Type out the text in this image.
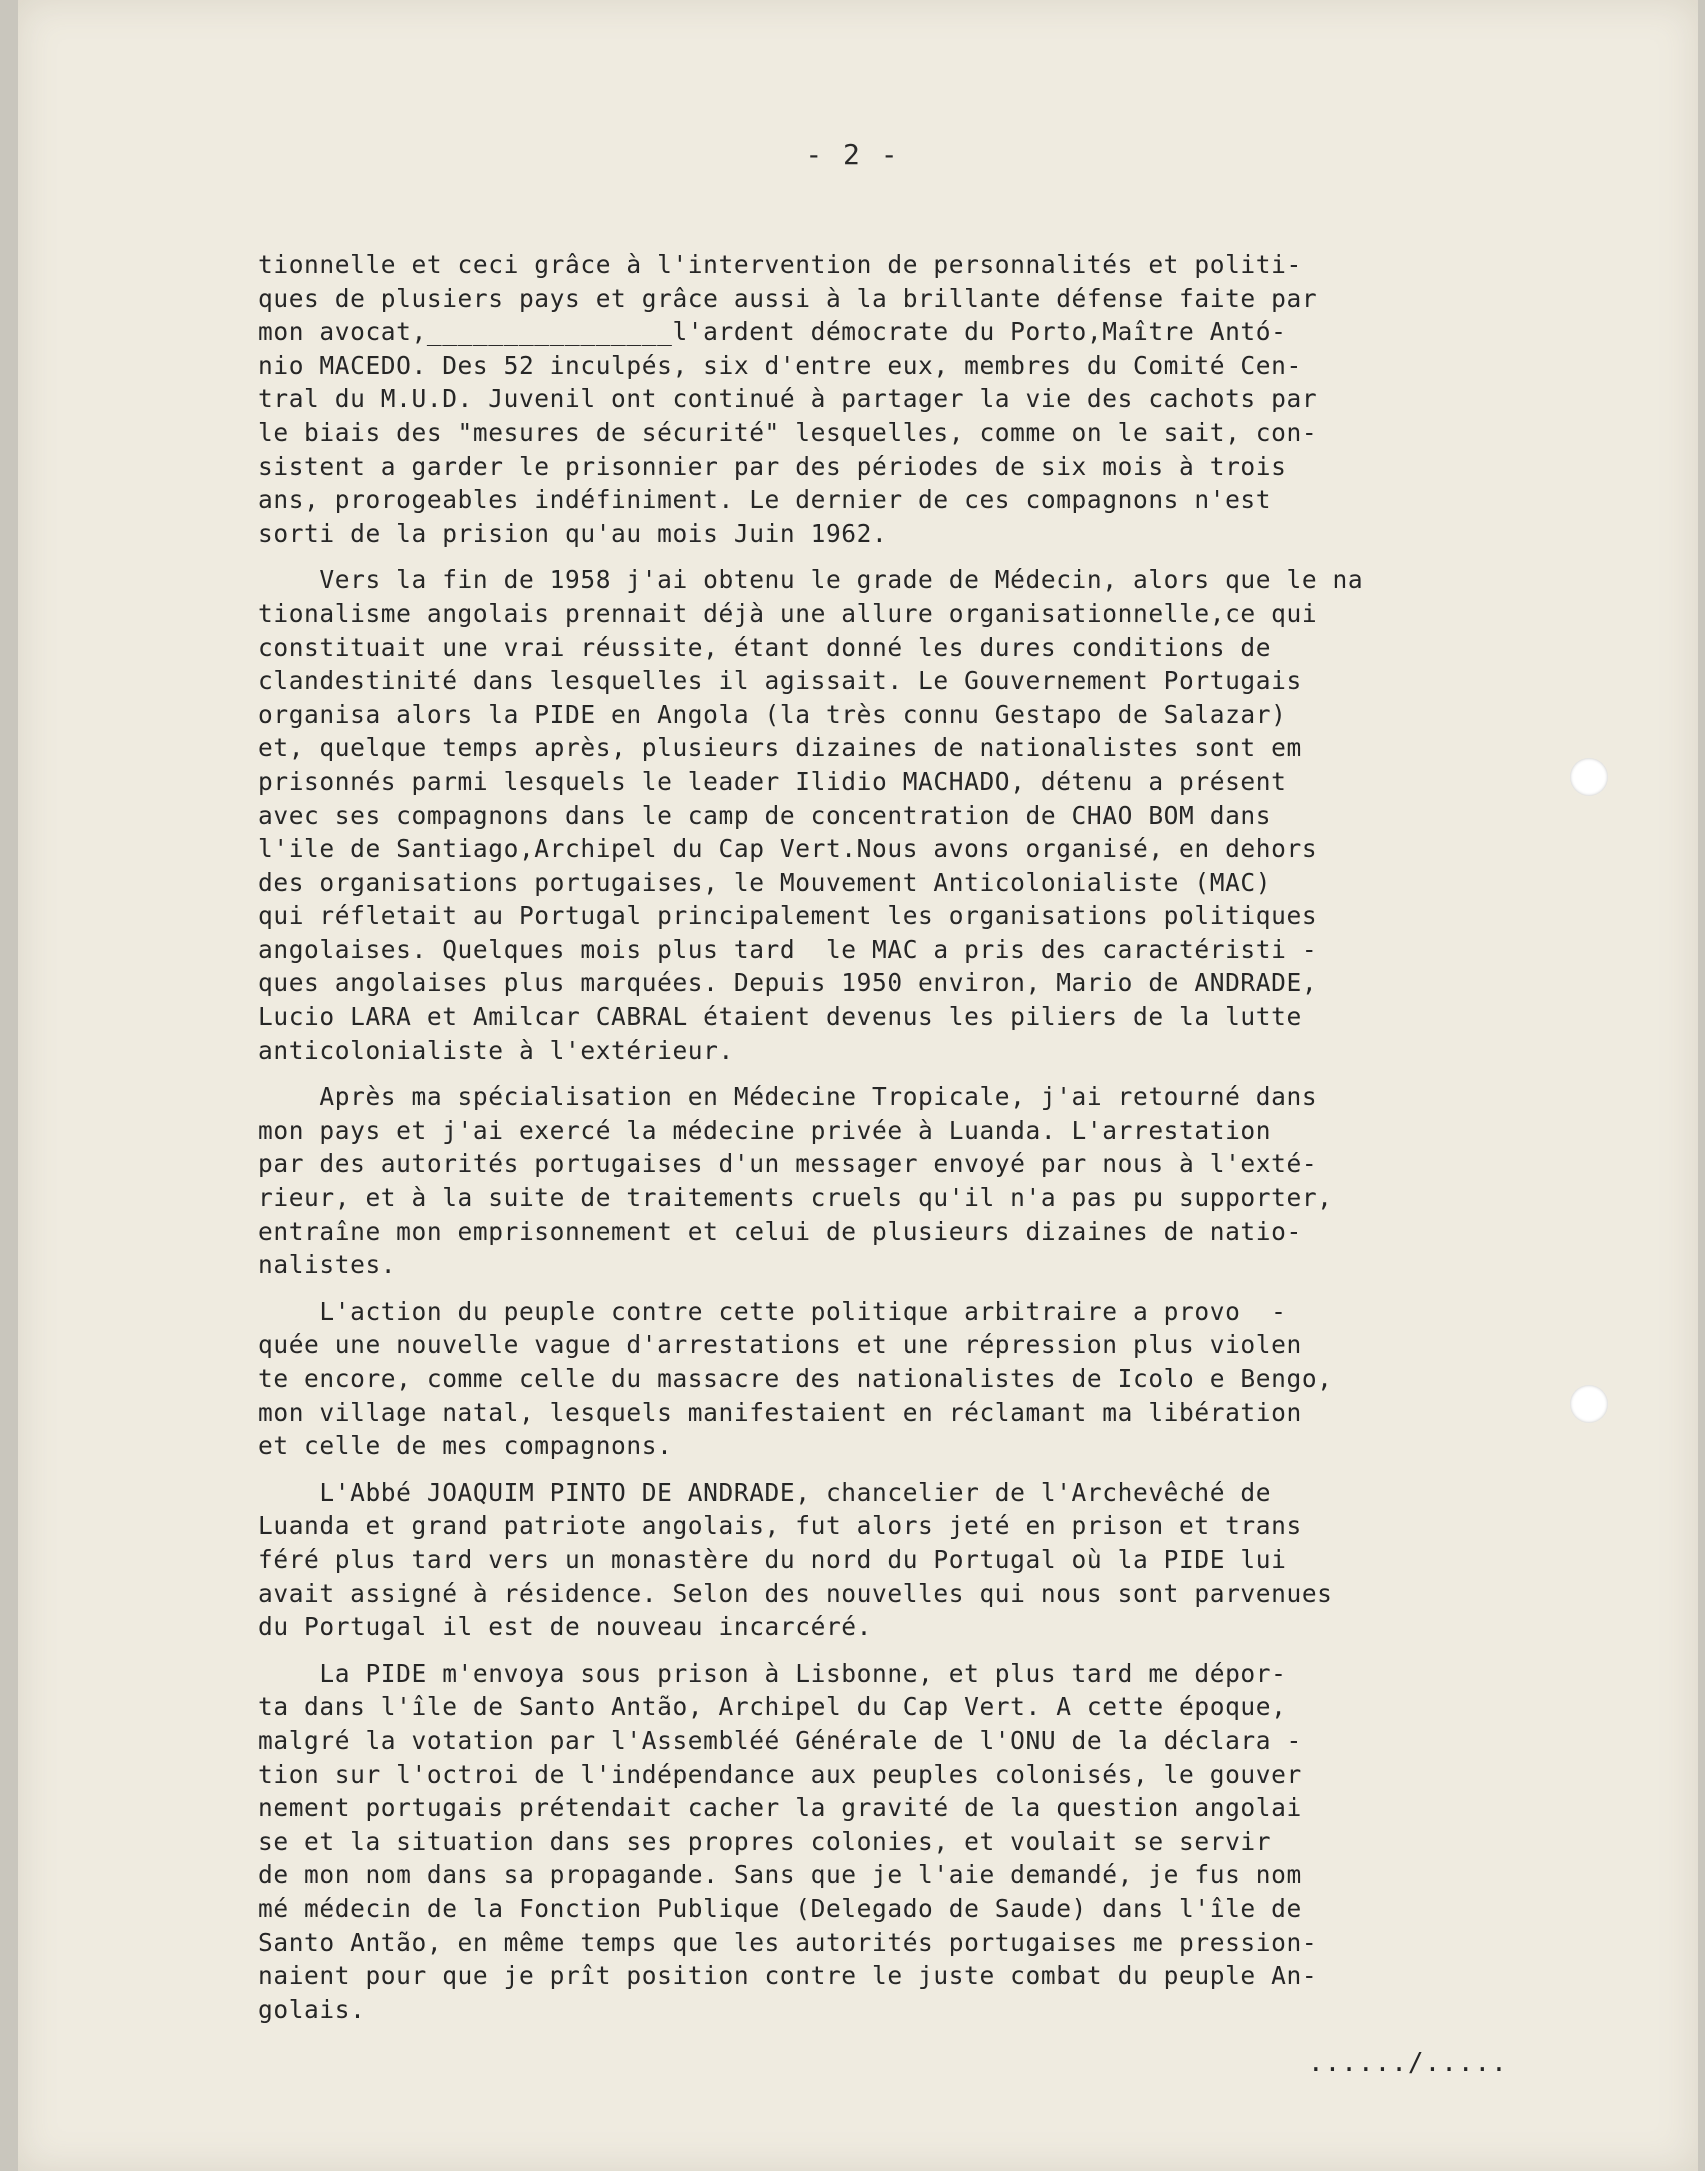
- 2 -
tionnelle et ceci grâce à l'intervention de personnalités et politi-
ques de plusiers pays et grâce aussi à la brillante défense faite par
mon avocat,________________l'ardent démocrate du Porto,Maître Antó-
nio MACEDO. Des 52 inculpés, six d'entre eux, membres du Comité Cen-
tral du M.U.D. Juvenil ont continué à partager la vie des cachots par
le biais des "mesures de sécurité" lesquelles, comme on le sait, con-
sistent a garder le prisonnier par des périodes de six mois à trois
ans, prorogeables indéfiniment. Le dernier de ces compagnons n'est
sorti de la prision qu'au mois Juin 1962.
Vers la fin de 1958 j'ai obtenu le grade de Médecin, alors que le na
tionalisme angolais prennait déjà une allure organisationnelle,ce qui
constituait une vrai réussite, étant donné les dures conditions de
clandestinité dans lesquelles il agissait. Le Gouvernement Portugais
organisa alors la PIDE en Angola (la très connu Gestapo de Salazar)
et, quelque temps après, plusieurs dizaines de nationalistes sont em
prisonnés parmi lesquels le leader Ilidio MACHADO, détenu a présent
avec ses compagnons dans le camp de concentration de CHAO BOM dans
l'ile de Santiago,Archipel du Cap Vert.Nous avons organisé, en dehors
des organisations portugaises, le Mouvement Anticolonialiste (MAC)
qui réfletait au Portugal principalement les organisations politiques
angolaises. Quelques mois plus tard  le MAC a pris des caractéristi -
ques angolaises plus marquées. Depuis 1950 environ, Mario de ANDRADE,
Lucio LARA et Amilcar CABRAL étaient devenus les piliers de la lutte
anticolonialiste à l'extérieur.
Après ma spécialisation en Médecine Tropicale, j'ai retourné dans
mon pays et j'ai exercé la médecine privée à Luanda. L'arrestation
par des autorités portugaises d'un messager envoyé par nous à l'exté-
rieur, et à la suite de traitements cruels qu'il n'a pas pu supporter,
entraîne mon emprisonnement et celui de plusieurs dizaines de natio-
nalistes.
L'action du peuple contre cette politique arbitraire a provo  -
quée une nouvelle vague d'arrestations et une répression plus violen
te encore, comme celle du massacre des nationalistes de Icolo e Bengo,
mon village natal, lesquels manifestaient en réclamant ma libération
et celle de mes compagnons.
L'Abbé JOAQUIM PINTO DE ANDRADE, chancelier de l'Archevêché de
Luanda et grand patriote angolais, fut alors jeté en prison et trans
féré plus tard vers un monastère du nord du Portugal où la PIDE lui
avait assigné à résidence. Selon des nouvelles qui nous sont parvenues
du Portugal il est de nouveau incarcéré.
La PIDE m'envoya sous prison à Lisbonne, et plus tard me dépor-
ta dans l'île de Santo Antão, Archipel du Cap Vert. A cette époque,
malgré la votation par l'Assembléé Générale de l'ONU de la déclara -
tion sur l'octroi de l'indépendance aux peuples colonisés, le gouver
nement portugais prétendait cacher la gravité de la question angolai
se et la situation dans ses propres colonies, et voulait se servir
de mon nom dans sa propagande. Sans que je l'aie demandé, je fus nom
mé médecin de la Fonction Publique (Delegado de Saude) dans l'île de
Santo Antão, en même temps que les autorités portugaises me pression-
naient pour que je prît position contre le juste combat du peuple An-
golais.
....../.....
